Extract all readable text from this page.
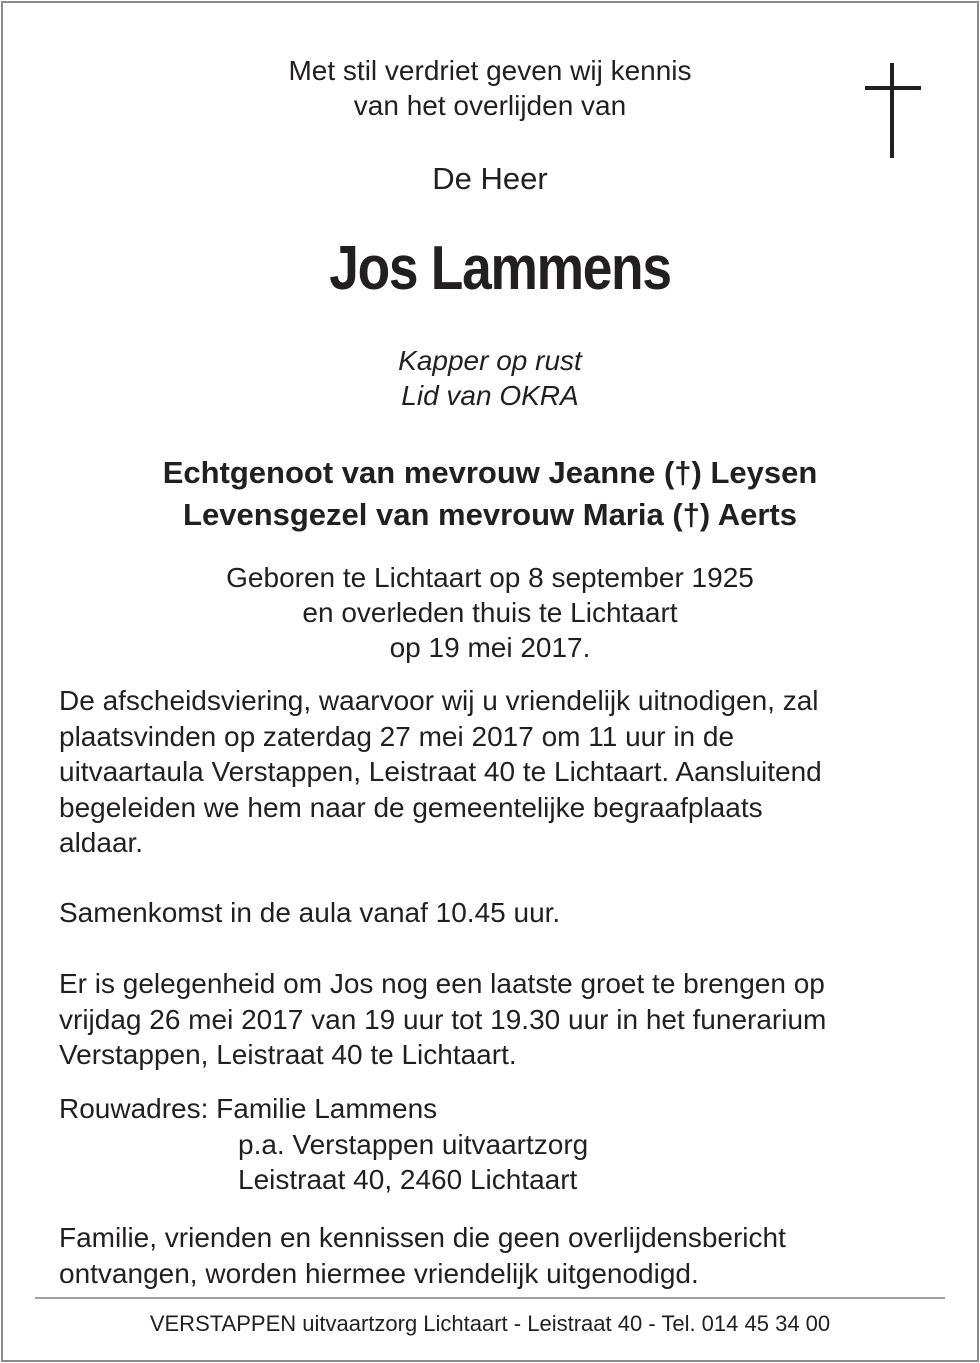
Met stil verdriet geven wij kennis
van het overlijden van
De Heer
Jos Lammens
Kapper op rust
Lid van OKRA
Echtgenoot van mevrouw Jeanne (†) Leysen
Levensgezel van mevrouw Maria (†) Aerts
Geboren te Lichtaart op 8 september 1925
en overleden thuis te Lichtaart
op 19 mei 2017.
De afscheidsviering, waarvoor wij u vriendelijk uitnodigen, zal
plaatsvinden op zaterdag 27 mei 2017 om 11 uur in de
uitvaartaula Verstappen, Leistraat 40 te Lichtaart. Aansluitend
begeleiden we hem naar de gemeentelijke begraafplaats
aldaar.
Samenkomst in de aula vanaf 10.45 uur.
Er is gelegenheid om Jos nog een laatste groet te brengen op
vrijdag 26 mei 2017 van 19 uur tot 19.30 uur in het funerarium
Verstappen, Leistraat 40 te Lichtaart.
Rouwadres: Familie Lammens
p.a. Verstappen uitvaartzorg
Leistraat 40, 2460 Lichtaart
Familie, vrienden en kennissen die geen overlijdensbericht
ontvangen, worden hiermee vriendelijk uitgenodigd.
VERSTAPPEN uitvaartzorg Lichtaart - Leistraat 40 - Tel. 014 45 34 00
